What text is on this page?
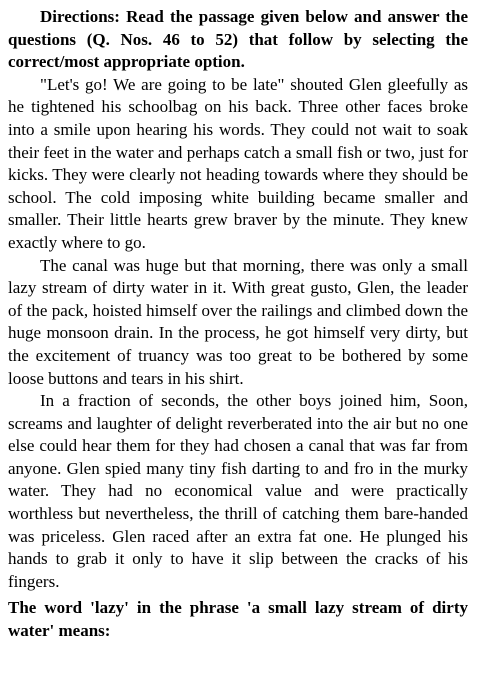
Directions: Read the passage given below and answer the questions (Q. Nos. 46 to 52) that follow by selecting the correct/most appropriate option.

"Let's go! We are going to be late" shouted Glen gleefully as he tightened his schoolbag on his back. Three other faces broke into a smile upon hearing his words. They could not wait to soak their feet in the water and perhaps catch a small fish or two, just for kicks. They were clearly not heading towards where they should be school. The cold imposing white building became smaller and smaller. Their little hearts grew braver by the minute. They knew exactly where to go.

The canal was huge but that morning, there was only a small lazy stream of dirty water in it. With great gusto, Glen, the leader of the pack, hoisted himself over the railings and climbed down the huge monsoon drain. In the process, he got himself very dirty, but the excitement of truancy was too great to be bothered by some loose buttons and tears in his shirt.

In a fraction of seconds, the other boys joined him, Soon, screams and laughter of delight reverberated into the air but no one else could hear them for they had chosen a canal that was far from anyone. Glen spied many tiny fish darting to and fro in the murky water. They had no economical value and were practically worthless but nevertheless, the thrill of catching them bare-handed was priceless. Glen raced after an extra fat one. He plunged his hands to grab it only to have it slip between the cracks of his fingers.

The word 'lazy' in the phrase 'a small lazy stream of dirty water' means:
